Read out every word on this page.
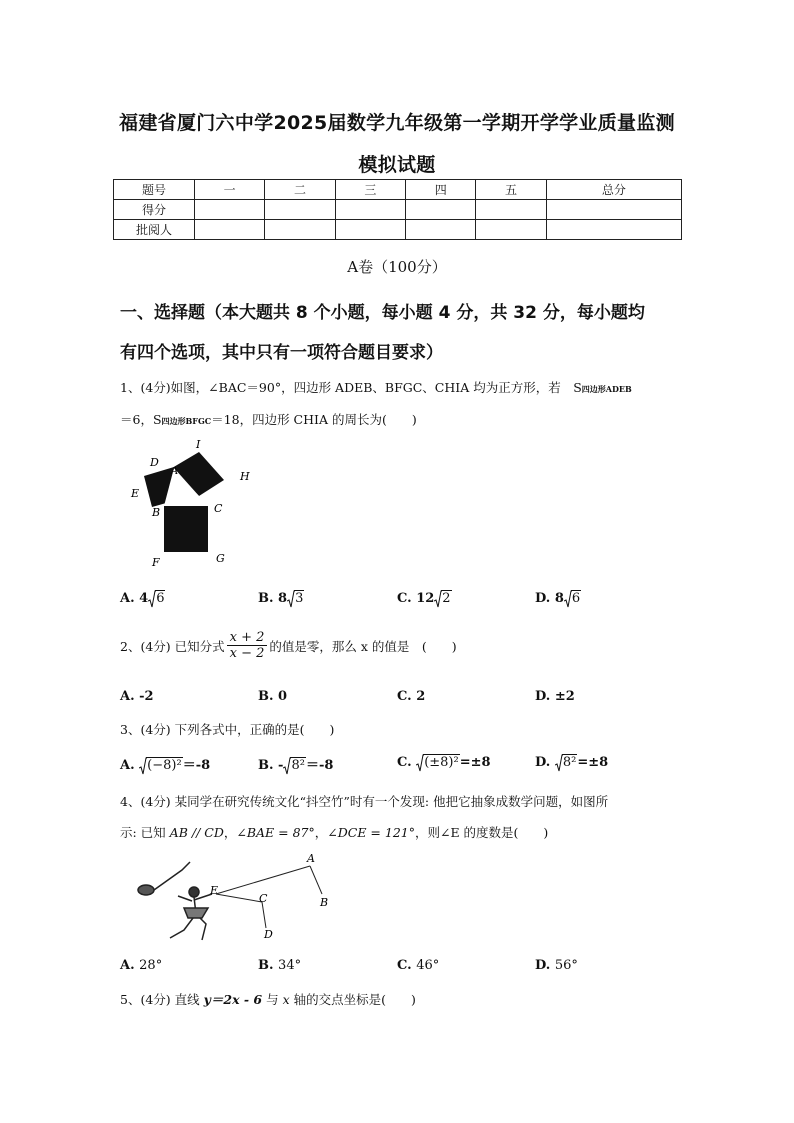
福建省厦门六中学2025届数学九年级第一学期开学学业质量监测
模拟试题
题号	一	二	三	四	五	总分
得分						
批阅人						
A卷（100分）
一、选择题（本大题共 8 个小题，每小题 4 分，共 32 分，每小题均
有四个选项，其中只有一项符合题目要求）
1、(4分)如图，∠BAC＝90°，四边形 ADEB、BFGC、CHIA 均为正方形，若　S四边形ADEB
＝6，S四边形BFGC＝18，四边形 CHIA 的周长为(　　)
I
D
A	H
E
B	C
F	G
A. 4 6	B. 8 3	C. 12 2	D. 8 6
2、(4分) 已知分式 $\frac{x + 2}{x - 2}$ 的值是零，那么 x 的值是　(　　)
A. -2	B. 0	C. 2	D. ±2
3、(4分) 下列各式中，正确的是(　　)
A. (−8)²＝-8	B. - 8²＝-8	C. (±8)²=±8	D. 8²=±8
4、(4分) 某同学在研究传统文化“抖空竹”时有一个发现: 他把它抽象成数学问题，如图所
示: 已知 AB // CD，∠BAE = 87°，∠DCE = 121°，则∠E 的度数是(　　)
A
E
C	B
D
A. 28°	B. 34°	C. 46°	D. 56°
5、(4分) 直线 y＝2x - 6 与 x 轴的交点坐标是(　　)
